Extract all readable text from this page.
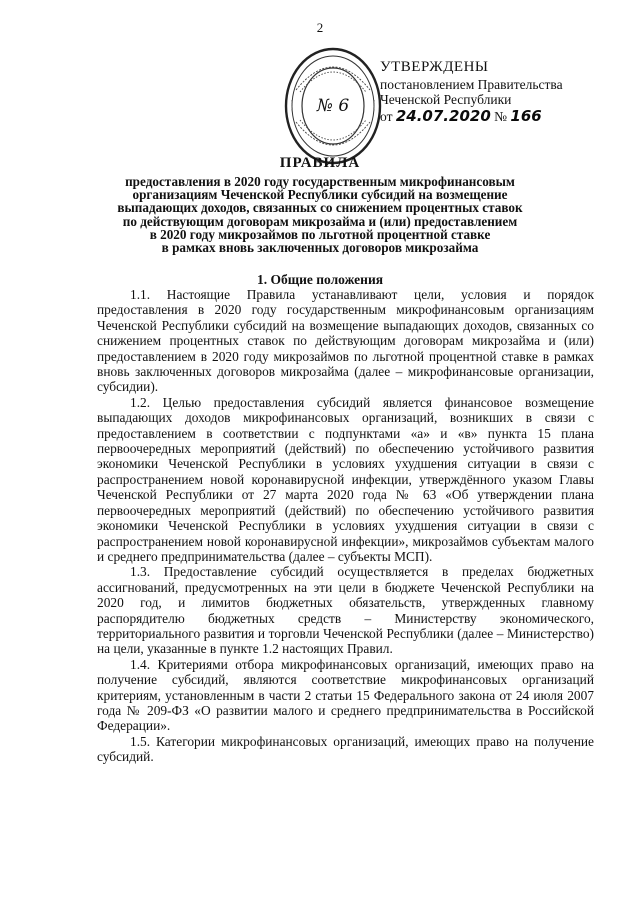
2
№ 6
УТВЕРЖДЕНЫ
постановлением Правительства
Чеченской Республики
от 24.07.2020 № 166
ПРАВИЛА
предоставления в 2020 году государственным микрофинансовым
организациям Чеченской Республики субсидий на возмещение
выпадающих доходов, связанных со снижением процентных ставок
по действующим договорам микрозайма и (или) предоставлением
в 2020 году микрозаймов по льготной процентной ставке
в рамках вновь заключенных договоров микрозайма
1. Общие положения

1.1. Настоящие Правила устанавливают цели, условия и порядок предоставления в 2020 году государственным микрофинансовым организациям Чеченской Республики субсидий на возмещение выпадающих доходов, связанных со снижением процентных ставок по действующим договорам микрозайма и (или) предоставлением в 2020 году микрозаймов по льготной процентной ставке в рамках вновь заключенных договоров микрозайма (далее – микрофинансовые организации, субсидии).

1.2. Целью предоставления субсидий является финансовое возмещение выпадающих доходов микрофинансовых организаций, возникших в связи с предоставлением в соответствии с подпунктами «а» и «в» пункта 15 плана первоочередных мероприятий (действий) по обеспечению устойчивого развития экономики Чеченской Республики в условиях ухудшения ситуации в связи с распространением новой коронавирусной инфекции, утверждённого указом Главы Чеченской Республики от 27 марта 2020 года № 63 «Об утверждении плана первоочередных мероприятий (действий) по обеспечению устойчивого развития экономики Чеченской Республики в условиях ухудшения ситуации в связи с распространением новой коронавирусной инфекции», микрозаймов субъектам малого и среднего предпринимательства (далее – субъекты МСП).

1.3. Предоставление субсидий осуществляется в пределах бюджетных ассигнований, предусмотренных на эти цели в бюджете Чеченской Республики на 2020 год, и лимитов бюджетных обязательств, утвержденных главному распорядителю бюджетных средств – Министерству экономического, территориального развития и торговли Чеченской Республики (далее – Министерство) на цели, указанные в пункте 1.2 настоящих Правил.

1.4. Критериями отбора микрофинансовых организаций, имеющих право на получение субсидий, являются соответствие микрофинансовых организаций критериям, установленным в части 2 статьи 15 Федерального закона от 24 июля 2007 года № 209-ФЗ «О развитии малого и среднего предпринимательства в Российской Федерации».

1.5. Категории микрофинансовых организаций, имеющих право на получение субсидий.
